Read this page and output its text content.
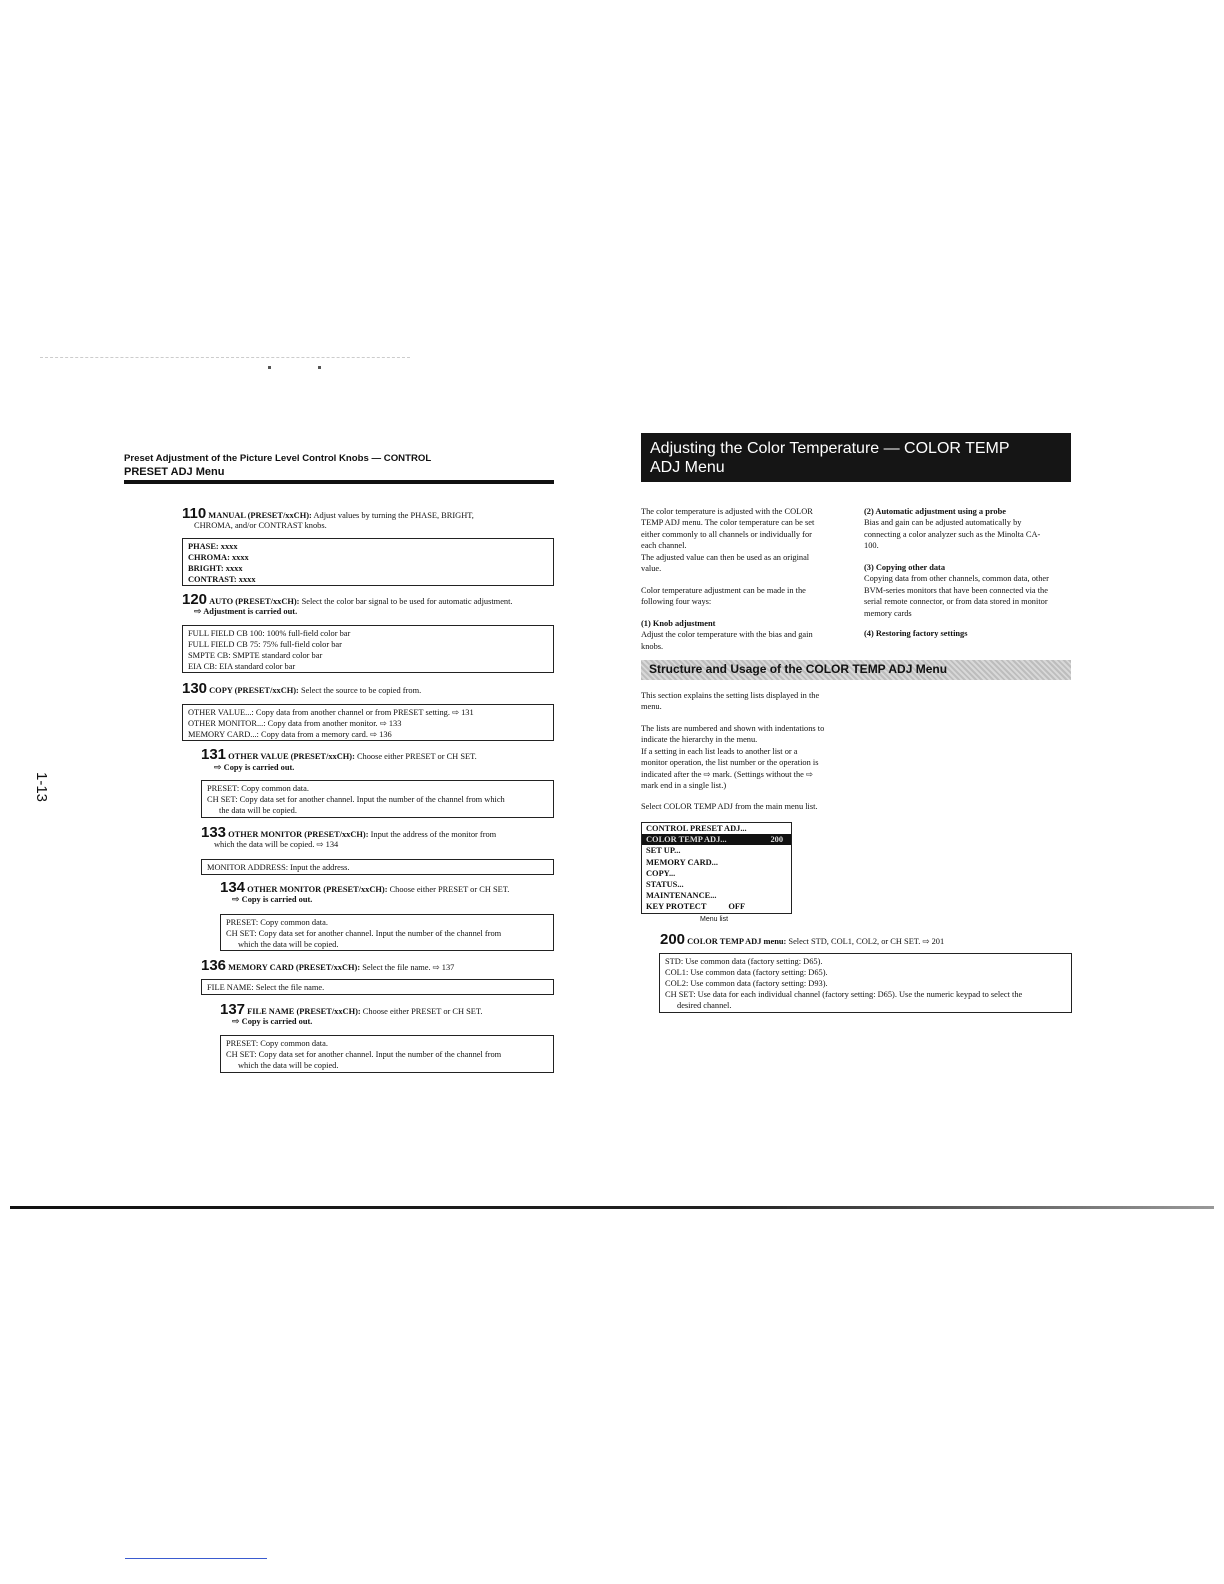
1-13
Preset Adjustment of the Picture Level Control Knobs — CONTROL
PRESET ADJ Menu
110 MANUAL (PRESET/xxCH): Adjust values by turning the PHASE, BRIGHT,
CHROMA, and/or CONTRAST knobs.
PHASE: xxxx
CHROMA: xxxx
BRIGHT: xxxx
CONTRAST: xxxx
120 AUTO (PRESET/xxCH): Select the color bar signal to be used for automatic adjustment.
⇨ Adjustment is carried out.
FULL FIELD CB 100: 100% full-field color bar
FULL FIELD CB 75: 75% full-field color bar
SMPTE CB: SMPTE standard color bar
EIA CB: EIA standard color bar
130 COPY (PRESET/xxCH): Select the source to be copied from.
OTHER VALUE...: Copy data from another channel or from PRESET setting. ⇨ 131
OTHER MONITOR...: Copy data from another monitor. ⇨ 133
MEMORY CARD...: Copy data from a memory card. ⇨ 136
131 OTHER VALUE (PRESET/xxCH): Choose either PRESET or CH SET.
⇨ Copy is carried out.
PRESET: Copy common data.
CH SET: Copy data set for another channel. Input the number of the channel from which
the data will be copied.
133 OTHER MONITOR (PRESET/xxCH): Input the address of the monitor from
which the data will be copied. ⇨ 134
MONITOR ADDRESS: Input the address.
134 OTHER MONITOR (PRESET/xxCH): Choose either PRESET or CH SET.
⇨ Copy is carried out.
PRESET: Copy common data.
CH SET: Copy data set for another channel. Input the number of the channel from
which the data will be copied.
136 MEMORY CARD (PRESET/xxCH): Select the file name. ⇨ 137
FILE NAME: Select the file name.
137 FILE NAME (PRESET/xxCH): Choose either PRESET or CH SET.
⇨ Copy is carried out.
PRESET: Copy common data.
CH SET: Copy data set for another channel. Input the number of the channel from
which the data will be copied.
Adjusting the Color Temperature — COLOR TEMP
ADJ Menu
The color temperature is adjusted with the COLOR
TEMP ADJ menu. The color temperature can be set
either commonly to all channels or individually for
each channel.
The adjusted value can then be used as an original
value.
Color temperature adjustment can be made in the
following four ways:
(1) Knob adjustment
Adjust the color temperature with the bias and gain
knobs.
(2) Automatic adjustment using a probe
Bias and gain can be adjusted automatically by
connecting a color analyzer such as the Minolta CA-
100.
(3) Copying other data
Copying data from other channels, common data, other
BVM-series monitors that have been connected via the
serial remote connector, or from data stored in monitor
memory cards
(4) Restoring factory settings
Structure and Usage of the COLOR TEMP ADJ Menu
This section explains the setting lists displayed in the
menu.
The lists are numbered and shown with indentations to
indicate the hierarchy in the menu.
If a setting in each list leads to another list or a
monitor operation, the list number or the operation is
indicated after the ⇨ mark. (Settings without the ⇨
mark end in a single list.)
Select COLOR TEMP ADJ from the main menu list.
CONTROL PRESET ADJ...
COLOR TEMP ADJ...	200
SET UP...
MEMORY CARD...
COPY...
STATUS...
MAINTENANCE...
KEY PROTECT	OFF
Menu list
200 COLOR TEMP ADJ menu: Select STD, COL1, COL2, or CH SET. ⇨ 201
STD: Use common data (factory setting: D65).
COL1: Use common data (factory setting: D65).
COL2: Use common data (factory setting: D93).
CH SET: Use data for each individual channel (factory setting: D65). Use the numeric keypad to select the
desired channel.
